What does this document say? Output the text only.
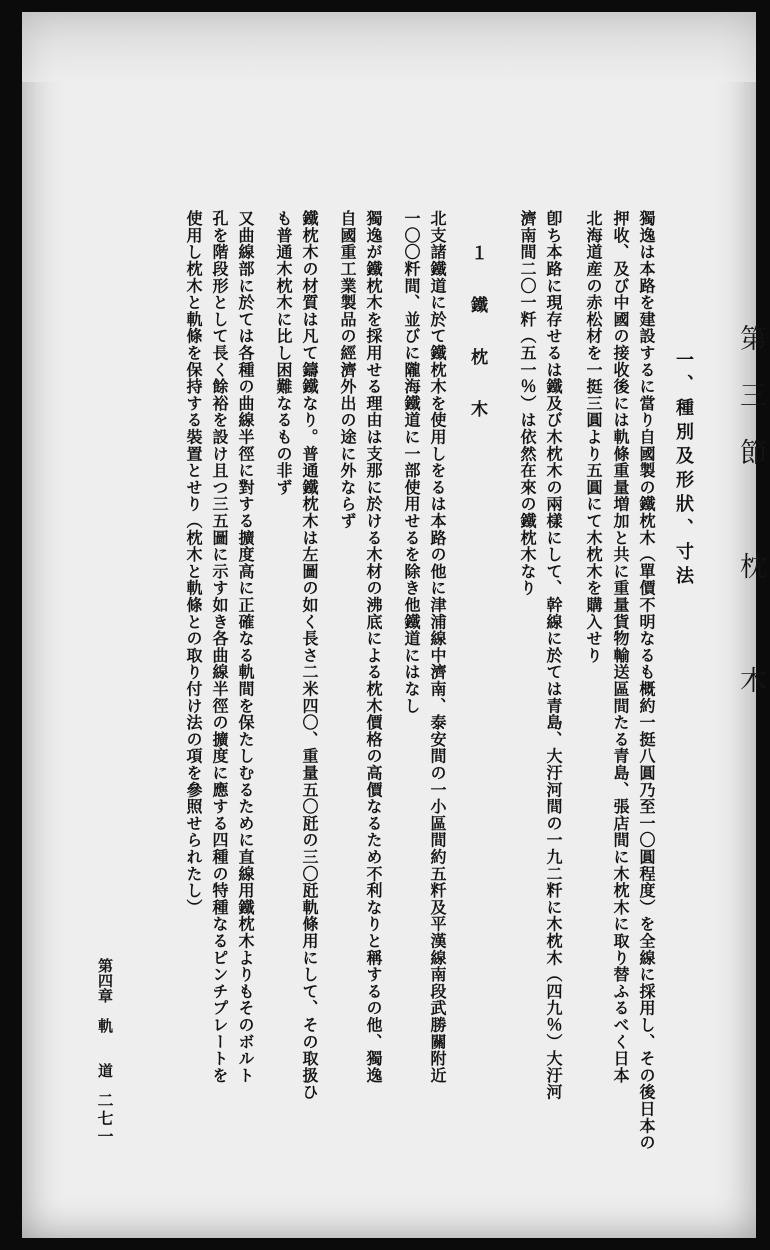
第三節　枕　木
一、種別及形狀、寸法
獨逸は本路を建設するに當り自國製の鐵枕木（單價不明なるも概約一挺八圓乃至一〇圓程度）を全線に採用し、その後日本の
押收、及び中國の接收後には軌條重量増加と共に重量貨物輸送區間たる青島、張店間に木枕木に取り替ふるべく日本
北海道産の赤松材を一挺三圓より五圓にて木枕木を購入せり
卽ち本路に現存せるは鐵及び木枕木の兩樣にして、幹線に於ては青島、大汙河間の一九二粁に木枕木（四九％）大汙河
濟南間二〇一粁（五一％）は依然在來の鐵枕木なり
１　鐵　枕　木
北支諸鐵道に於て鐵枕木を使用しをるは本路の他に津浦線中濟南、泰安間の一小區間約五粁及平漢線南段武勝關附近
一〇〇粁間、並びに隴海鐵道に一部使用せるを除き他鐵道にはなし
獨逸が鐵枕木を採用せる理由は支那に於ける木材の沸底による枕木價格の高價なるため不利なりと稱するの他、獨逸
自國重工業製品の經濟外出の途に外ならず
鐵枕木の材質は凡て鑄鐵なり。普通鐵枕木は左圖の如く長さ二米四〇、重量五〇瓩の三〇瓩軌條用にして、その取扱ひ
も普通木枕木に比し困難なるもの非ず
又曲線部に於ては各種の曲線半徑に對する擴度高に正確なる軌間を保たしむるために直線用鐵枕木よりもそのボルト
孔を階段形として長く餘裕を設け且つ三五圖に示す如き各曲線半徑の擴度に應する四種の特種なるピンチプレートを
使用し枕木と軌條を保持する裝置とせり（枕木と軌條との取り付け法の項を參照せられたし）
第四章　軌　　道
二七一
